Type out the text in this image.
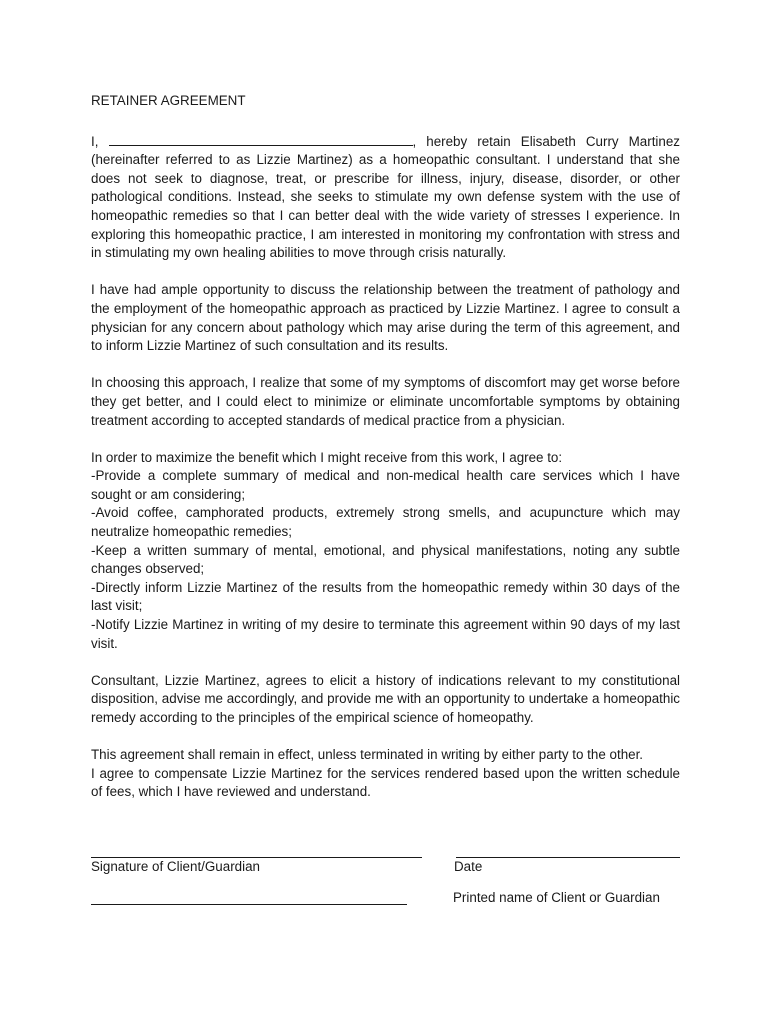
RETAINER AGREEMENT

I,	, hereby retain Elisabeth Curry Martinez
(hereinafter referred to as Lizzie Martinez) as a homeopathic consultant. I understand that she does not seek to diagnose, treat, or prescribe for illness, injury, disease, disorder, or other pathological conditions. Instead, she seeks to stimulate my own defense system with the use of homeopathic remedies so that I can better deal with the wide variety of stresses I experience. In exploring this homeopathic practice, I am interested in monitoring my confrontation with stress and in stimulating my own healing abilities to move through crisis naturally.

I have had ample opportunity to discuss the relationship between the treatment of pathology and the employment of the homeopathic approach as practiced by Lizzie Martinez. I agree to consult a physician for any concern about pathology which may arise during the term of this agreement, and to inform Lizzie Martinez of such consultation and its results.

In choosing this approach, I realize that some of my symptoms of discomfort may get worse before they get better, and I could elect to minimize or eliminate uncomfortable symptoms by obtaining treatment according to accepted standards of medical practice from a physician.

In order to maximize the benefit which I might receive from this work, I agree to:
-Provide a complete summary of medical and non-medical health care services which I have sought or am considering;
-Avoid coffee, camphorated products, extremely strong smells, and acupuncture which may neutralize homeopathic remedies;
-Keep a written summary of mental, emotional, and physical manifestations, noting any subtle changes observed;
-Directly inform Lizzie Martinez of the results from the homeopathic remedy within 30 days of the last visit;
-Notify Lizzie Martinez in writing of my desire to terminate this agreement within 90 days of my last visit.

Consultant, Lizzie Martinez, agrees to elicit a history of indications relevant to my constitutional disposition, advise me accordingly, and provide me with an opportunity to undertake a homeopathic remedy according to the principles of the empirical science of homeopathy.

This agreement shall remain in effect, unless terminated in writing by either party to the other.
I agree to compensate Lizzie Martinez for the services rendered based upon the written schedule of fees, which I have reviewed and understand.

Signature of Client/Guardian	Date
Printed name of Client or Guardian
